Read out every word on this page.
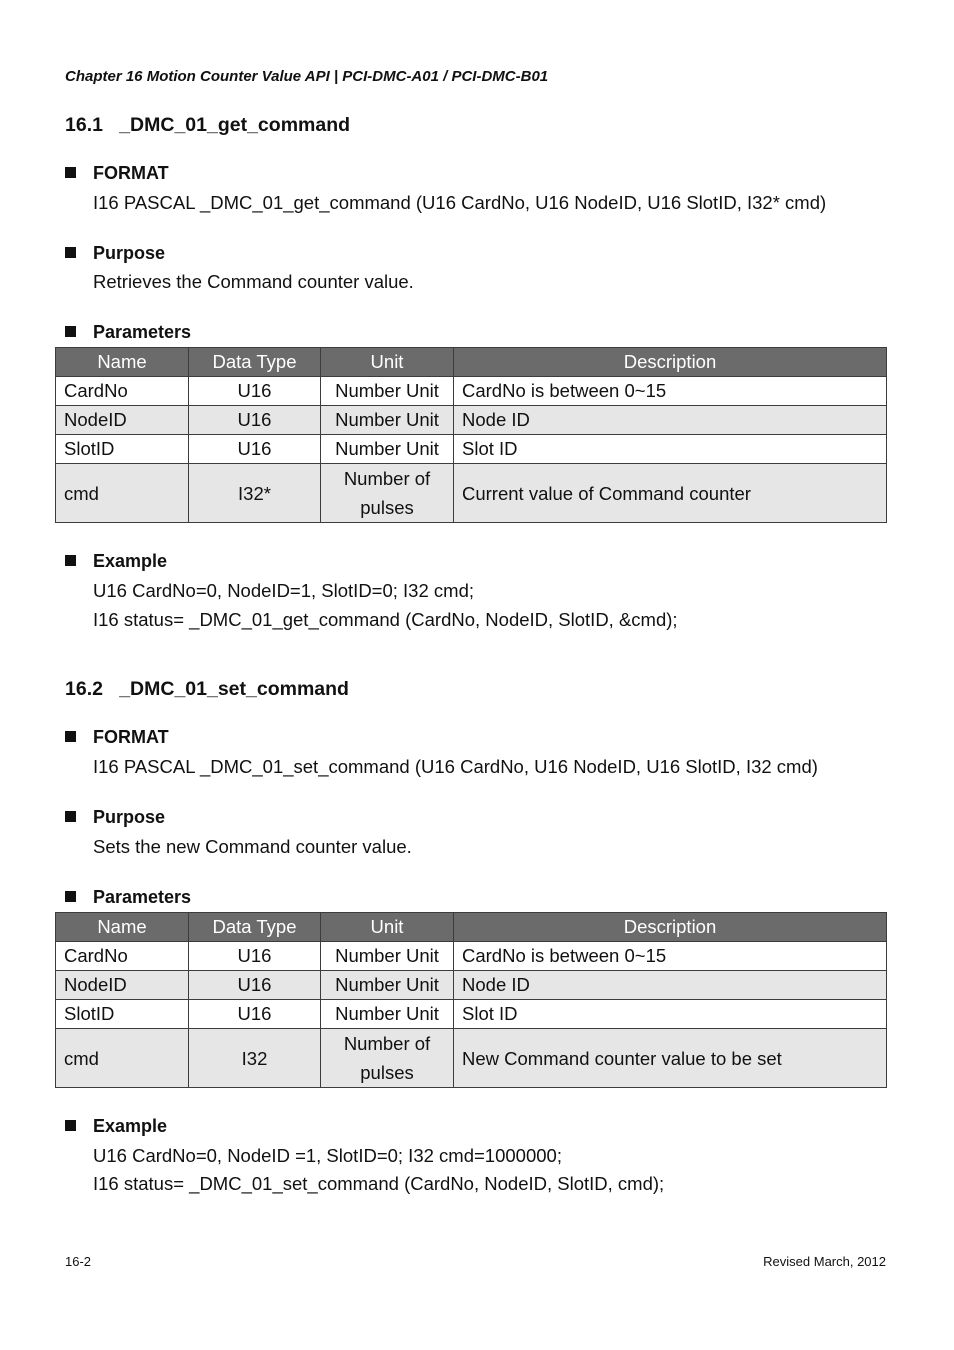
Chapter 16 Motion Counter Value API | PCI-DMC-A01 / PCI-DMC-B01
16.1   _DMC_01_get_command
FORMAT
I16 PASCAL _DMC_01_get_command (U16 CardNo, U16 NodeID, U16 SlotID, I32* cmd)
Purpose
Retrieves the Command counter value.
Parameters
Name	Data Type	Unit	Description
CardNo	U16	Number Unit	CardNo is between 0~15
NodeID	U16	Number Unit	Node ID
SlotID	U16	Number Unit	Slot ID
cmd	I32*	Number of pulses	Current value of Command counter
Example
U16 CardNo=0, NodeID=1, SlotID=0; I32 cmd;
I16 status= _DMC_01_get_command (CardNo, NodeID, SlotID, &cmd);
16.2   _DMC_01_set_command
FORMAT
I16 PASCAL _DMC_01_set_command (U16 CardNo, U16 NodeID, U16 SlotID, I32 cmd)
Purpose
Sets the new Command counter value.
Parameters
Name	Data Type	Unit	Description
CardNo	U16	Number Unit	CardNo is between 0~15
NodeID	U16	Number Unit	Node ID
SlotID	U16	Number Unit	Slot ID
cmd	I32	Number of pulses	New Command counter value to be set
Example
U16 CardNo=0, NodeID =1, SlotID=0; I32 cmd=1000000;
I16 status= _DMC_01_set_command (CardNo, NodeID, SlotID, cmd);
16-2	Revised March, 2012
